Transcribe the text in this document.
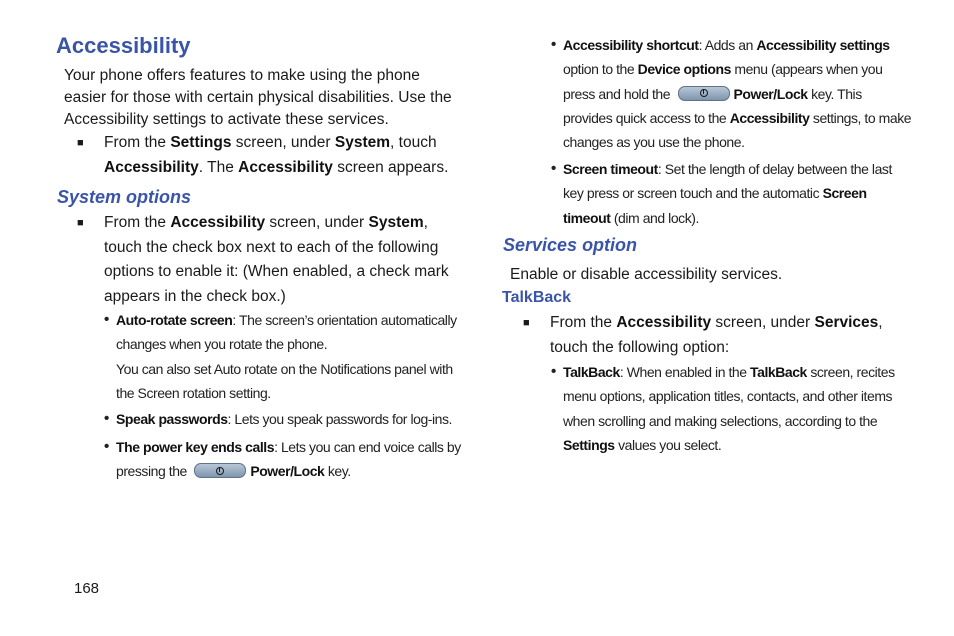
Accessibility

Your phone offers features to make using the phone easier for those with certain physical disabilities. Use the Accessibility settings to activate these services.

■ From the Settings screen, under System, touch Accessibility. The Accessibility screen appears.

System options

■ From the Accessibility screen, under System, touch the check box next to each of the following options to enable it: (When enabled, a check mark appears in the check box.)

• Auto-rotate screen: The screen’s orientation automatically changes when you rotate the phone.

You can also set Auto rotate on the Notifications panel with the Screen rotation setting.

• Speak passwords: Lets you speak passwords for log-ins.

• The power key ends calls: Lets you can end voice calls by pressing the	Power/Lock key.

168

• Accessibility shortcut: Adds an Accessibility settings option to the Device options menu (appears when you press and hold the	Power/Lock key. This provides quick access to the Accessibility settings, to make changes as you use the phone.

• Screen timeout: Set the length of delay between the last key press or screen touch and the automatic Screen timeout (dim and lock).

Services option

Enable or disable accessibility services.

TalkBack

■ From the Accessibility screen, under Services, touch the following option:

• TalkBack: When enabled in the TalkBack screen, recites menu options, application titles, contacts, and other items when scrolling and making selections, according to the Settings values you select.
